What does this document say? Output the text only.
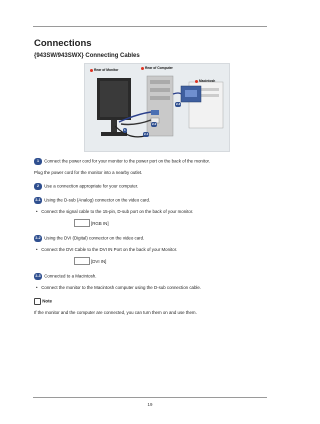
Connections
{943SW/943SWX} Connecting Cables
Rear of Monitor	Rear of Computer
Macintosh
1
2-1
2-2
2-3
1 Connect the power cord for your monitor to the power port on the back of the monitor.
Plug the power cord for the monitor into a nearby outlet.
2 Use a connection appropriate for your computer.
2-1 Using the D-sub (Analog) connector on the video card.
•   Connect the signal cable to the 15-pin, D-sub port on the back of your monitor.
[RGB IN]
2-2 Using the DVI (Digital) connector on the video card.
•   Connect the DVI Cable to the DVI IN Port on the back of your Monitor.
[DVI IN]
2-3 Connected to a Macintosh.
•   Connect the monitor to the Macintosh computer using the D-sub connection cable.
Note
If the monitor and the computer are connected, you can turn them on and use them.
19
